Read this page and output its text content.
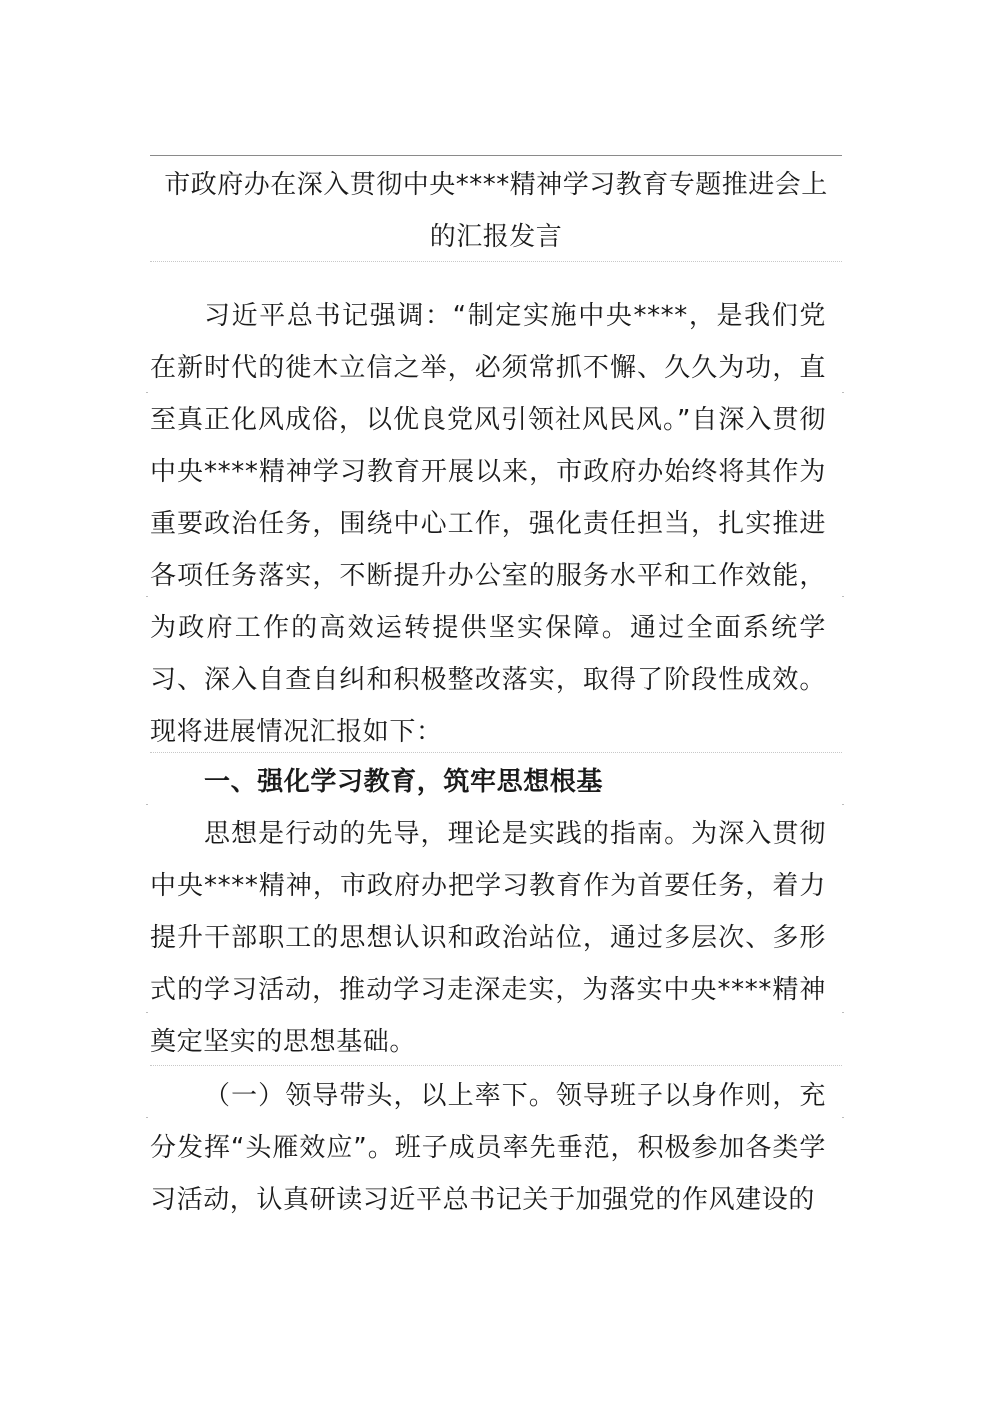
市政府办在深入贯彻中央****精神学习教育专题推进会上
的汇报发言

习近平总书记强调：“制定实施中央****，是我们党在新时代的徙木立信之举，必须常抓不懈、久久为功，直至真正化风成俗，以优良党风引领社风民风。”自深入贯彻中央****精神学习教育开展以来，市政府办始终将其作为重要政治任务，围绕中心工作，强化责任担当，扎实推进各项任务落实，不断提升办公室的服务水平和工作效能，为政府工作的高效运转提供坚实保障。通过全面系统学习、深入自查自纠和积极整改落实，取得了阶段性成效。现将进展情况汇报如下：

一、强化学习教育，筑牢思想根基

思想是行动的先导，理论是实践的指南。为深入贯彻中央****精神，市政府办把学习教育作为首要任务，着力提升干部职工的思想认识和政治站位，通过多层次、多形式的学习活动，推动学习走深走实，为落实中央****精神奠定坚实的思想基础。

（一）领导带头，以上率下。领导班子以身作则，充分发挥“头雁效应”。班子成员率先垂范，积极参加各类学习活动，认真研读习近平总书记关于加强党的作风建设的
